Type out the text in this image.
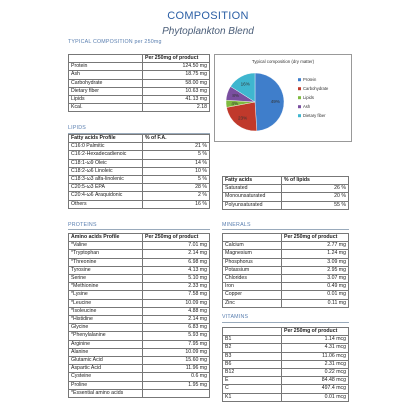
COMPOSITION
Phytoplankton Blend
TYPICAL COMPOSITION per 250mg
	Per 250mg of product
Protein	124.50 mg
Ash	18.75 mg
Carbohydrate	58.00 mg
Dietary fiber	10.63 mg
Lipids	41.13 mg
Kcal.	2.18
Typical composition (dry matter)
49%
23%
4%
8%
16%
Protein
Carbohydrate
Lipids
Ash
Dietary fiber
LIPIDS
Fatty acids Profile	% of F.A.
C16:0 Palmitic	21 %
C16:2-Hexadecadienoic	5 %
C18:1-ω9 Oleic	14 %
C18:2-ω6 Linoleic	10 %
C18:3-ω3 alfa-linolenic	5 %
C20:5-ω3 EPA	28 %
C20:4-ω6 Araquidonic	2 %
Others	16 %
Fatty acids	% of lipids
Saturated	26 %
Monounsaturated	20 %
Polyunsaturated	55 %
PROTEINS
Amino acids Profile	Per 250mg of product
*Valine	7.01 mg
*Tryptophan	2.14 mg
*Threonine	6.98 mg
Tyrosine	4.13 mg
Serine	5.10 mg
*Methionine	2.33 mg
*Lysine	7.58 mg
*Leucine	10.09 mg
*Isoleucine	4.88 mg
*Histidine	2.14 mg
Glycine	6.83 mg
*Phenylalanine	5.93 mg
Arginine	7.95 mg
Alanine	10.09 mg
Glutamic Acid	15.60 mg
Aspartic Acid	11.96 mg
Cysteine	0.6 mg
Proline	1.95 mg
*Essential amino acids	
MINERALS
	Per 250mg of product
Calcium	2.77 mg
Magnesium	1.24 mg
Phosphorus	3.09 mg
Potassium	2.95 mg
Chlorides	3.07 mg
Iron	0.49 mg
Copper	0.01 mg
Zinc	0.11 mg
VITAMINS
	Per 250mg of product
B1	1.14 mcg
B2	4.31 mcg
B3	11.06 mcg
B6	2.31 mcg
B12	0.22 mcg
E	84.48 mcg
C	497.4 mcg
K1	0.01 mcg
